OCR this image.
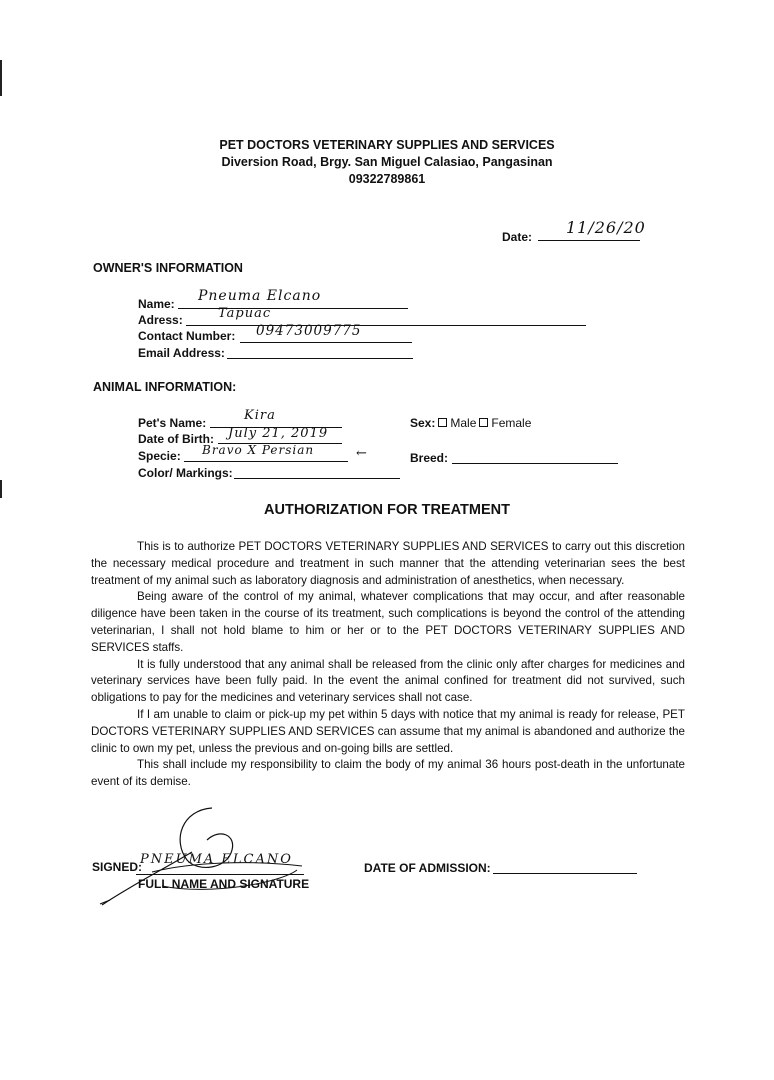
PET DOCTORS VETERINARY SUPPLIES AND SERVICES
Diversion Road, Brgy. San Miguel Calasiao, Pangasinan
09322789861
Date: 11/26/20
OWNER'S INFORMATION
Name: Pneuma Elcano
Adress:	Tapuac
Contact Number: 09473009775
Email Address:
ANIMAL INFORMATION:
Pet's Name:	Kira
Date of Birth: July 21, 2019
Specie: Bravo X Persian	←
Color/ Markings:
Sex: Male Female
Breed:
AUTHORIZATION FOR TREATMENT

This is to authorize PET DOCTORS VETERINARY SUPPLIES AND SERVICES to carry out this discretion the necessary medical procedure and treatment in such manner that the attending veterinarian sees the best treatment of my animal such as laboratory diagnosis and administration of anesthetics, when necessary.

Being aware of the control of my animal, whatever complications that may occur, and after reasonable diligence have been taken in the course of its treatment, such complications is beyond the control of the attending veterinarian, I shall not hold blame to him or her or to the PET DOCTORS VETERINARY SUPPLIES AND SERVICES staffs.

It is fully understood that any animal shall be released from the clinic only after charges for medicines and veterinary services have been fully paid. In the event the animal confined for treatment did not survived, such obligations to pay for the medicines and veterinary services shall not case.

If I am unable to claim or pick-up my pet within 5 days with notice that my animal is ready for release, PET DOCTORS VETERINARY SUPPLIES AND SERVICES can assume that my animal is abandoned and authorize the clinic to own my pet, unless the previous and on-going bills are settled.

This shall include my responsibility to claim the body of my animal 36 hours post-death in the unfortunate event of its demise.

SIGNED:
PNEUMA ELCANO
FULL NAME AND SIGNATURE
DATE OF ADMISSION:
